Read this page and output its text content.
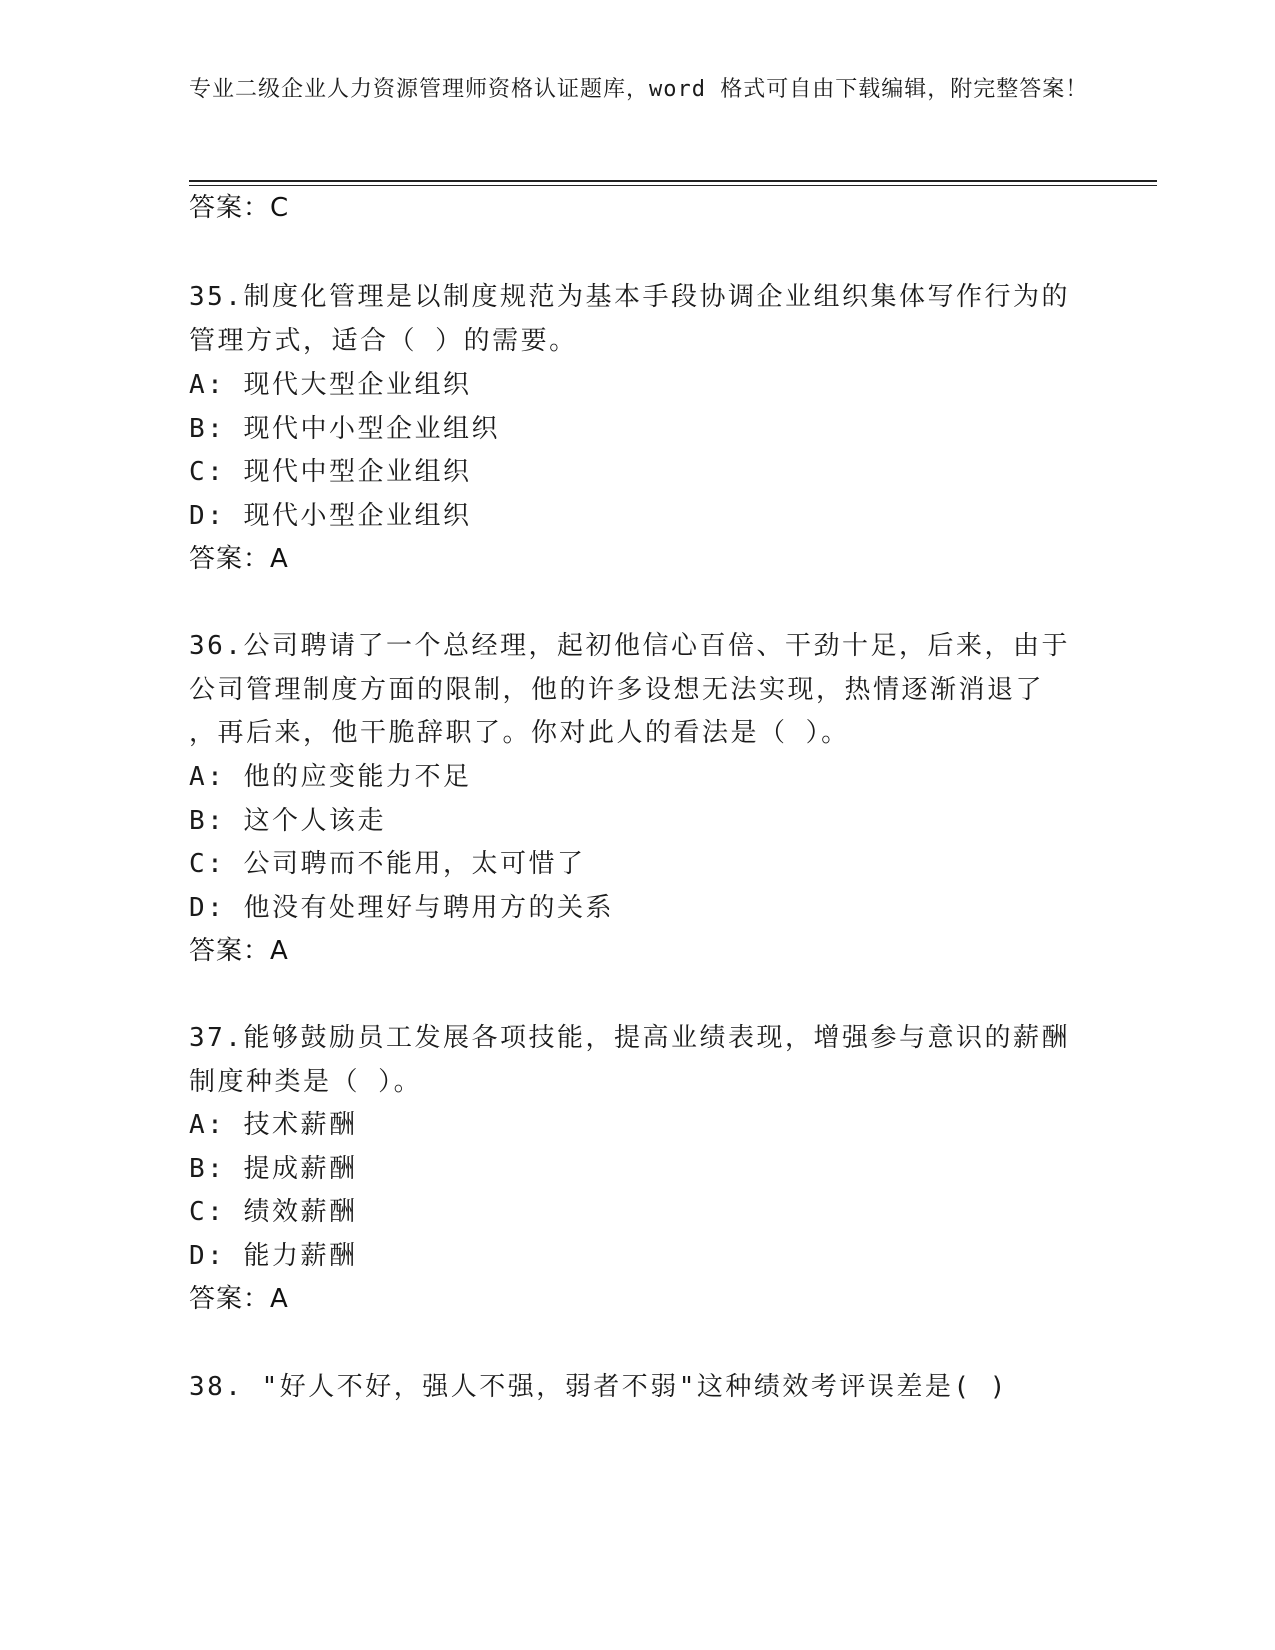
专业二级企业人力资源管理师资格认证题库，word 格式可自由下载编辑，附完整答案！
答案：C
35.制度化管理是以制度规范为基本手段协调企业组织集体写作行为的
管理方式，适合（ ）的需要。
A: 现代大型企业组织
B: 现代中小型企业组织
C: 现代中型企业组织
D: 现代小型企业组织
答案：A
36.公司聘请了一个总经理，起初他信心百倍、干劲十足，后来，由于
公司管理制度方面的限制，他的许多设想无法实现，热情逐渐消退了
，再后来，他干脆辞职了。你对此人的看法是（ ）。
A: 他的应变能力不足
B: 这个人该走
C: 公司聘而不能用，太可惜了
D: 他没有处理好与聘用方的关系
答案：A
37.能够鼓励员工发展各项技能，提高业绩表现，增强参与意识的薪酬
制度种类是（ ）。
A: 技术薪酬
B: 提成薪酬
C: 绩效薪酬
D: 能力薪酬
答案：A
38. "好人不好，强人不强，弱者不弱"这种绩效考评误差是( )
